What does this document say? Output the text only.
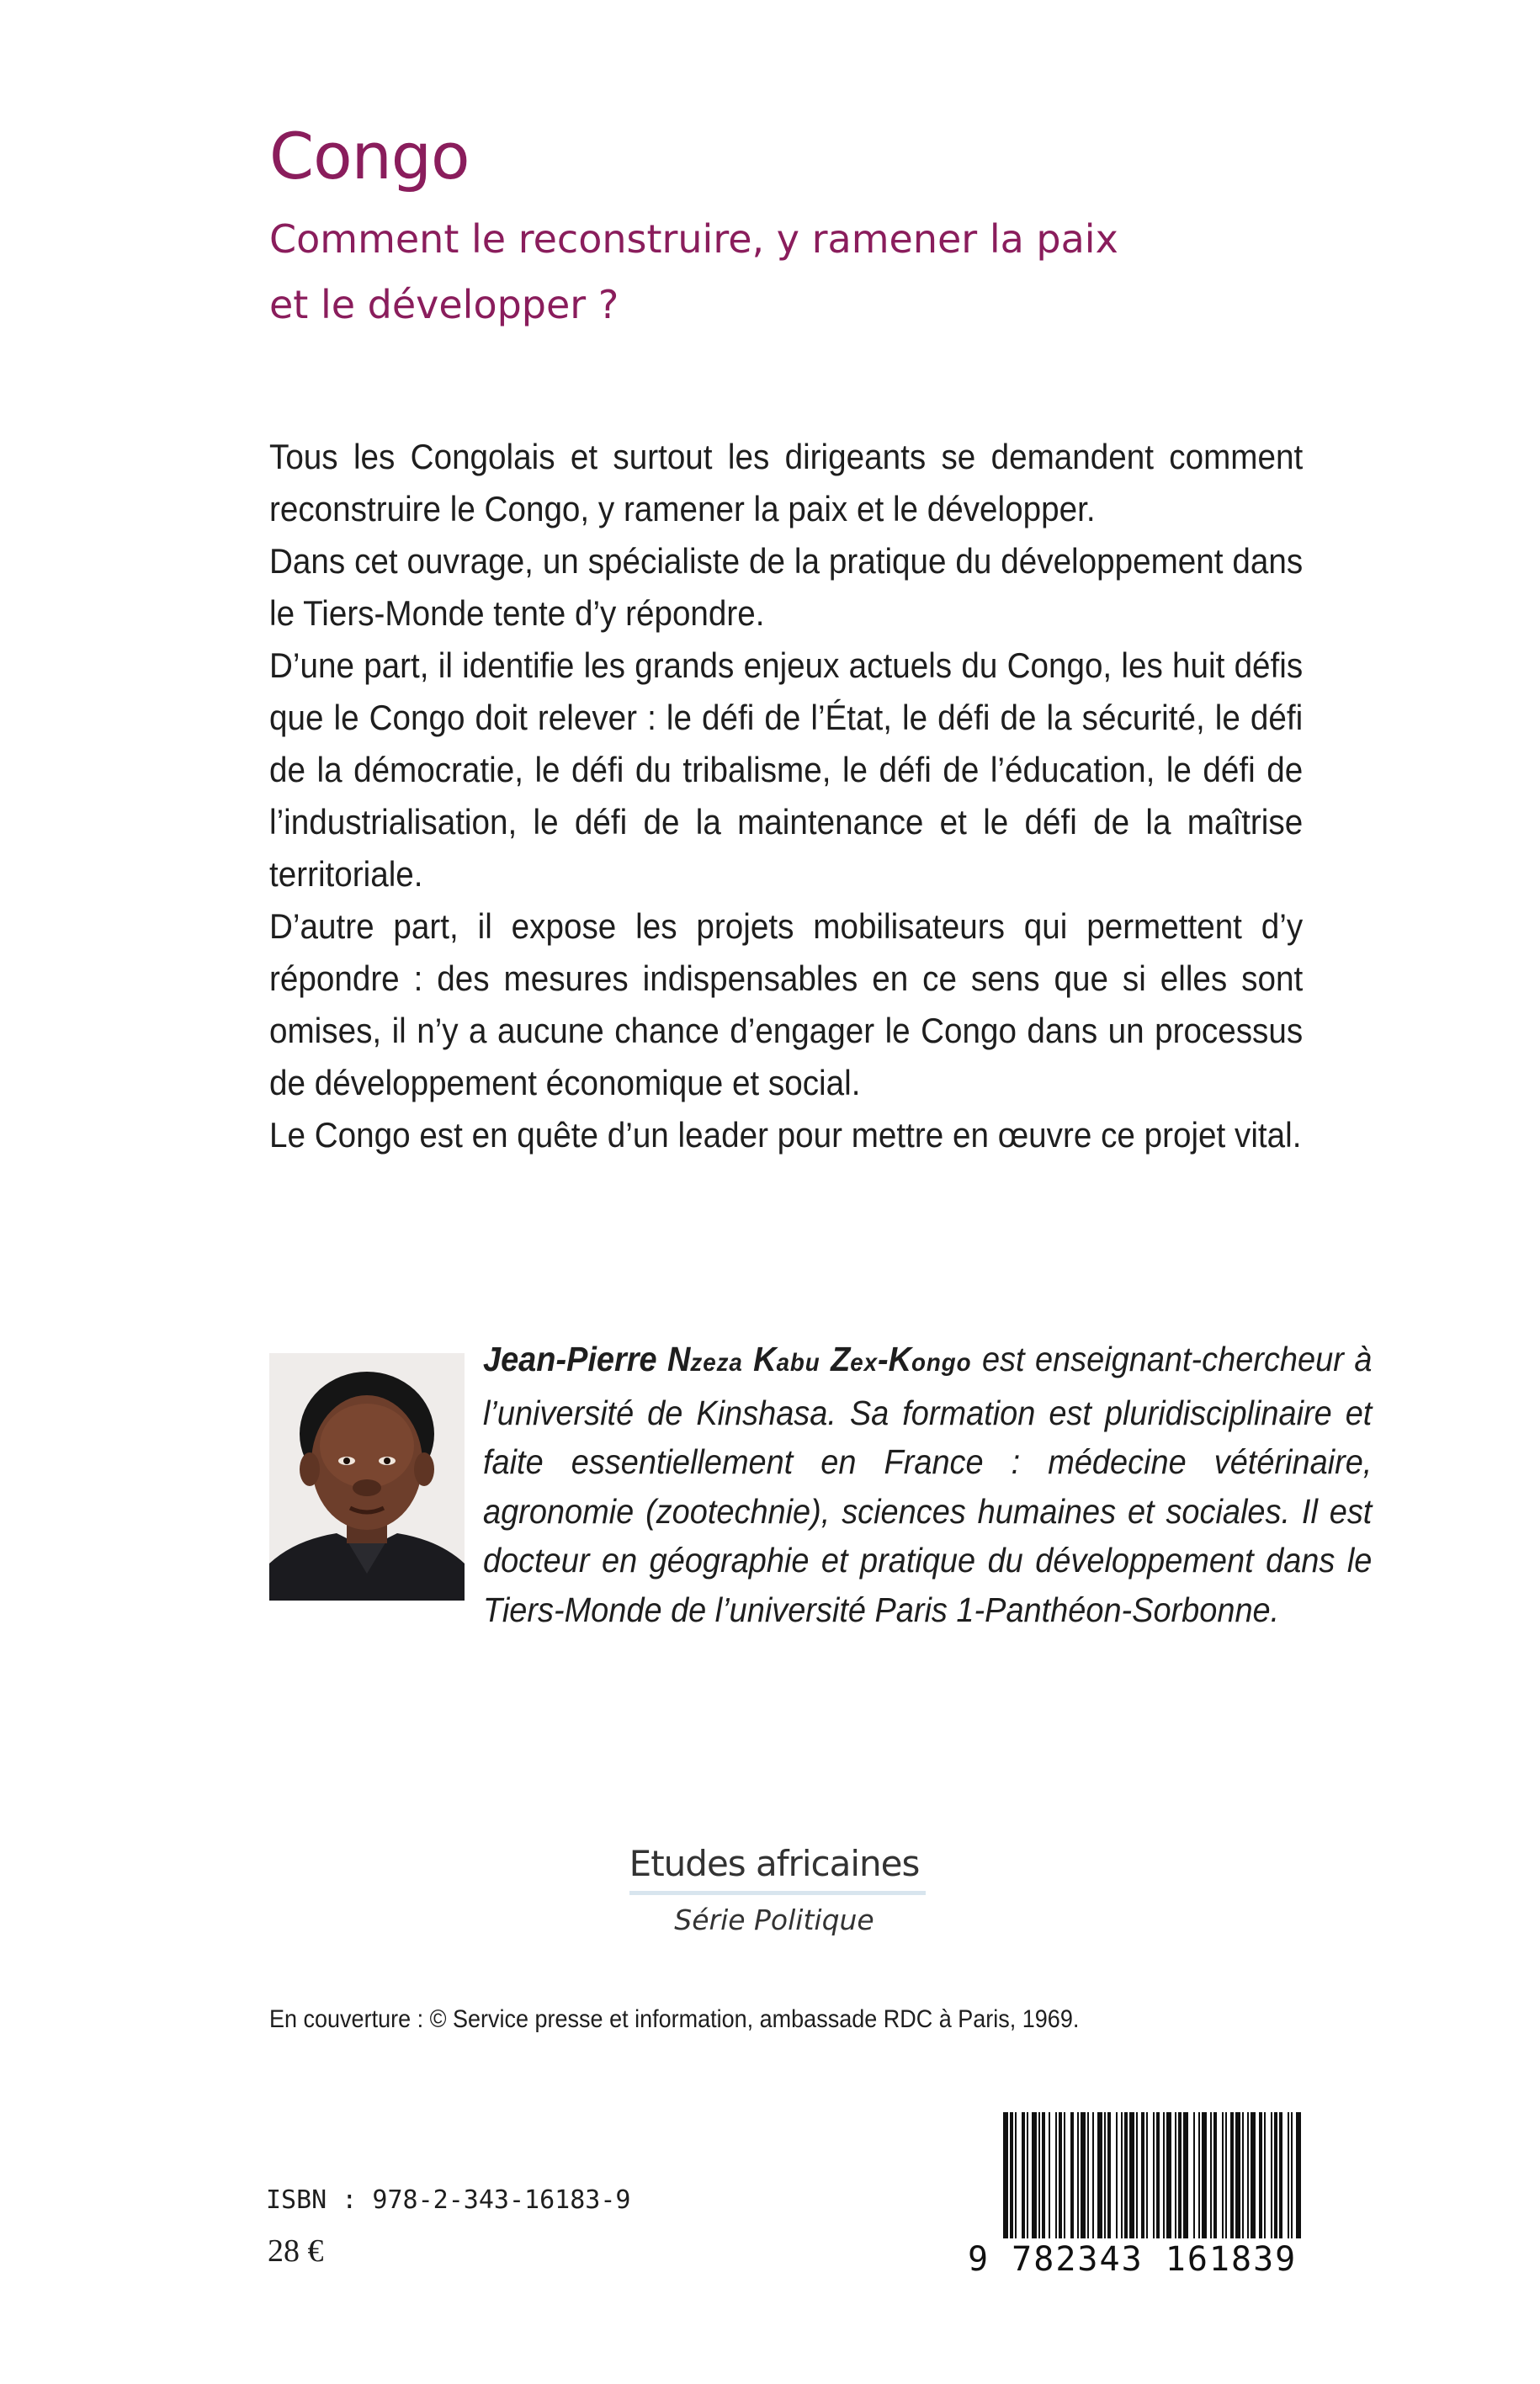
Congo
Comment le reconstruire, y ramener la paix
et le développer ?

Tous les Congolais et surtout les dirigeants se demandent comment reconstruire le Congo, y ramener la paix et le développer.

Dans cet ouvrage, un spécialiste de la pratique du développement dans le Tiers-Monde tente d’y répondre.

D’une part, il identifie les grands enjeux actuels du Congo, les huit défis que le Congo doit relever : le défi de l’État, le défi de la sécurité, le défi de la démocratie, le défi du tribalisme, le défi de l’éducation, le défi de l’industrialisation, le défi de la maintenance et le défi de la maîtrise territoriale.

D’autre part, il expose les projets mobilisateurs qui permettent d’y répondre : des mesures indispensables en ce sens que si elles sont omises, il n’y a aucune chance d’engager le Congo dans un processus de développement économique et social.

Le Congo est en quête d’un leader pour mettre en œuvre ce projet vital.

Jean-Pierre Nzeza Kabu Zex-Kongo est enseignant-chercheur à l’université de Kinshasa. Sa formation est pluridisciplinaire et faite essentiellement en France : médecine vétérinaire, agronomie (zootechnie), sciences humaines et sociales. Il est docteur en géographie et pratique du développement dans le Tiers-Monde de l’université Paris 1-Panthéon-Sorbonne.
Etudes africaines
Série Politique
En couverture : © Service presse et information, ambassade RDC à Paris, 1969.
ISBN : 978-2-343-16183-9
28 €	9 782343 161839
